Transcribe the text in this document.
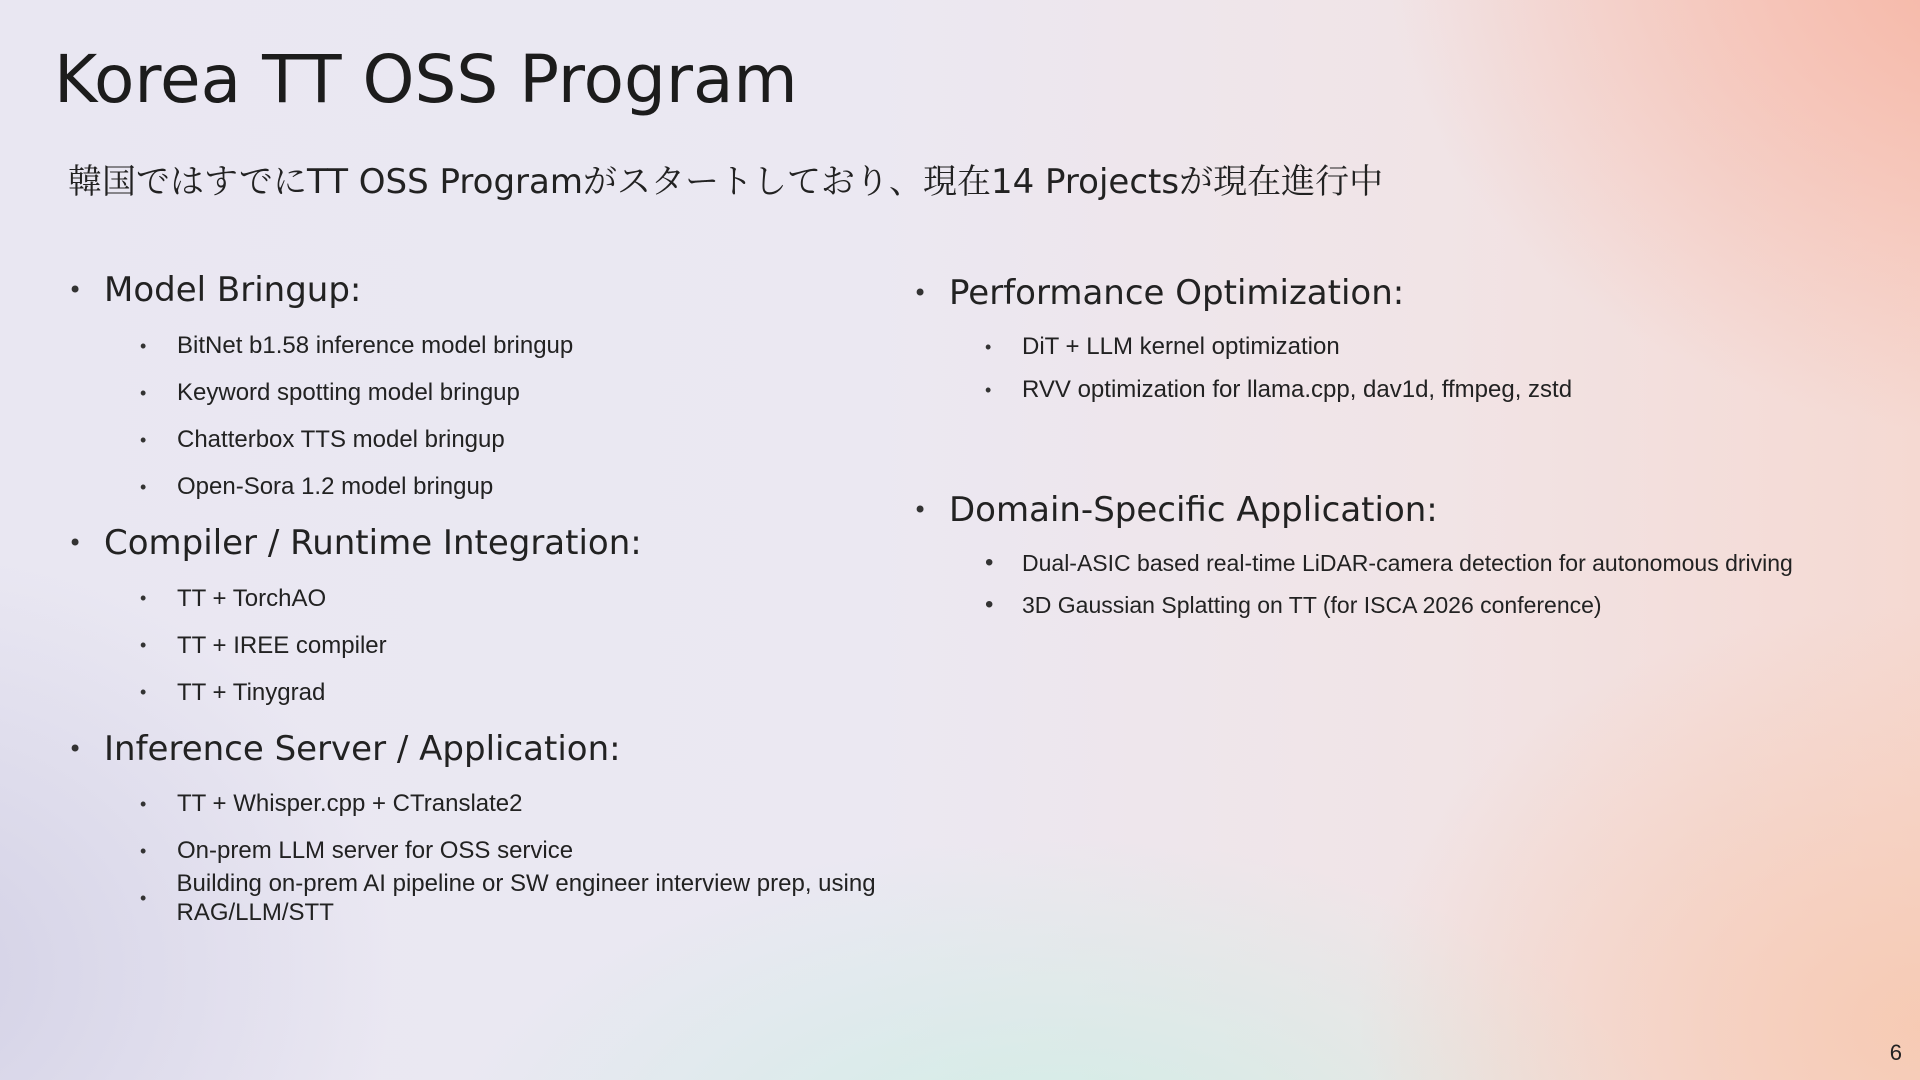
Korea TT OSS Program

韓国ではすでにTT OSS Programがスタートしており、現在14 Projectsが現在進行中

• Model Bringup:
•	BitNet b1.58 inference model bringup
•	Keyword spotting model bringup
•	Chatterbox TTS model bringup
•	Open-Sora 1.2 model bringup
• Compiler / Runtime Integration:
•	TT + TorchAO
•	TT + IREE compiler
•	TT + Tinygrad
• Inference Server / Application:
•	TT + Whisper.cpp + CTranslate2
•	On-prem LLM server for OSS service
•
Building on-prem AI pipeline or SW engineer interview prep, using RAG/LLM/STT
• Performance Optimization:
•	DiT + LLM kernel optimization
•	RVV optimization for llama.cpp, dav1d, ffmpeg, zstd
• Domain-Specific Application:
•	Dual-ASIC based real-time LiDAR-camera detection for autonomous driving
•	3D Gaussian Splatting on TT (for ISCA 2026 conference)
6
